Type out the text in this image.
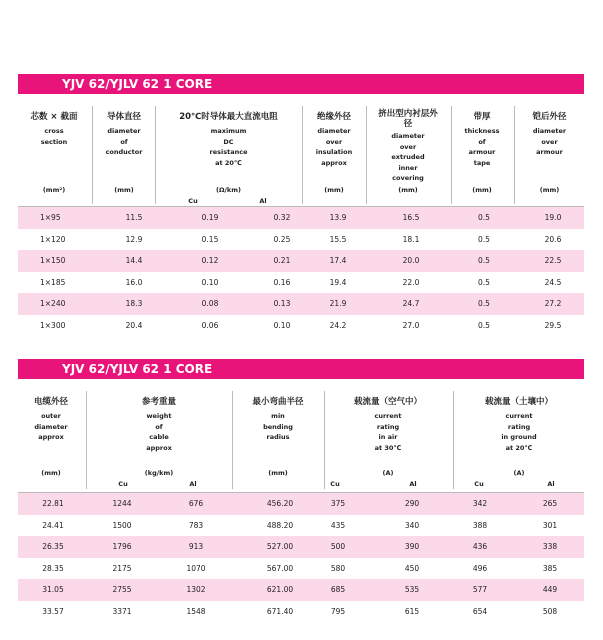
YJV 62/YJLV 62 1 CORE
芯数 × 截面
cross
section
(mm²)
导体直径
diameter
of
conductor
(mm)
20℃时导体最大直流电阻
maximum
DC
resistance
at 20℃
(Ω/km)
Cu	Al
绝缘外径
diameter
over
insulation
approx
(mm)
挤出型内衬层外径
diameter
over
extruded
inner
covering
(mm)
带厚
thickness
of
armour
tape
(mm)
铠后外径
diameter
over
armour
(mm)
1×95	11.5	0.19	0.32	13.9	16.5	0.5	19.0
1×120	12.9	0.15	0.25	15.5	18.1	0.5	20.6
1×150	14.4	0.12	0.21	17.4	20.0	0.5	22.5
1×185	16.0	0.10	0.16	19.4	22.0	0.5	24.5
1×240	18.3	0.08	0.13	21.9	24.7	0.5	27.2
1×300	20.4	0.06	0.10	24.2	27.0	0.5	29.5
YJV 62/YJLV 62 1 CORE
电缆外径
outer
diameter
approx
(mm)
参考重量
weight
of
cable
approx
(kg/km)
Cu	Al
最小弯曲半径
min
bending
radius
(mm)
载流量（空气中）
current
rating
in air
at 30℃
(A)
Cu	Al
载流量（土壤中）
current
rating
in ground
at 20℃
(A)
Cu	Al
22.81	1244	676	456.20	375	290	342	265
24.41	1500	783	488.20	435	340	388	301
26.35	1796	913	527.00	500	390	436	338
28.35	2175	1070	567.00	580	450	496	385
31.05	2755	1302	621.00	685	535	577	449
33.57	3371	1548	671.40	795	615	654	508
